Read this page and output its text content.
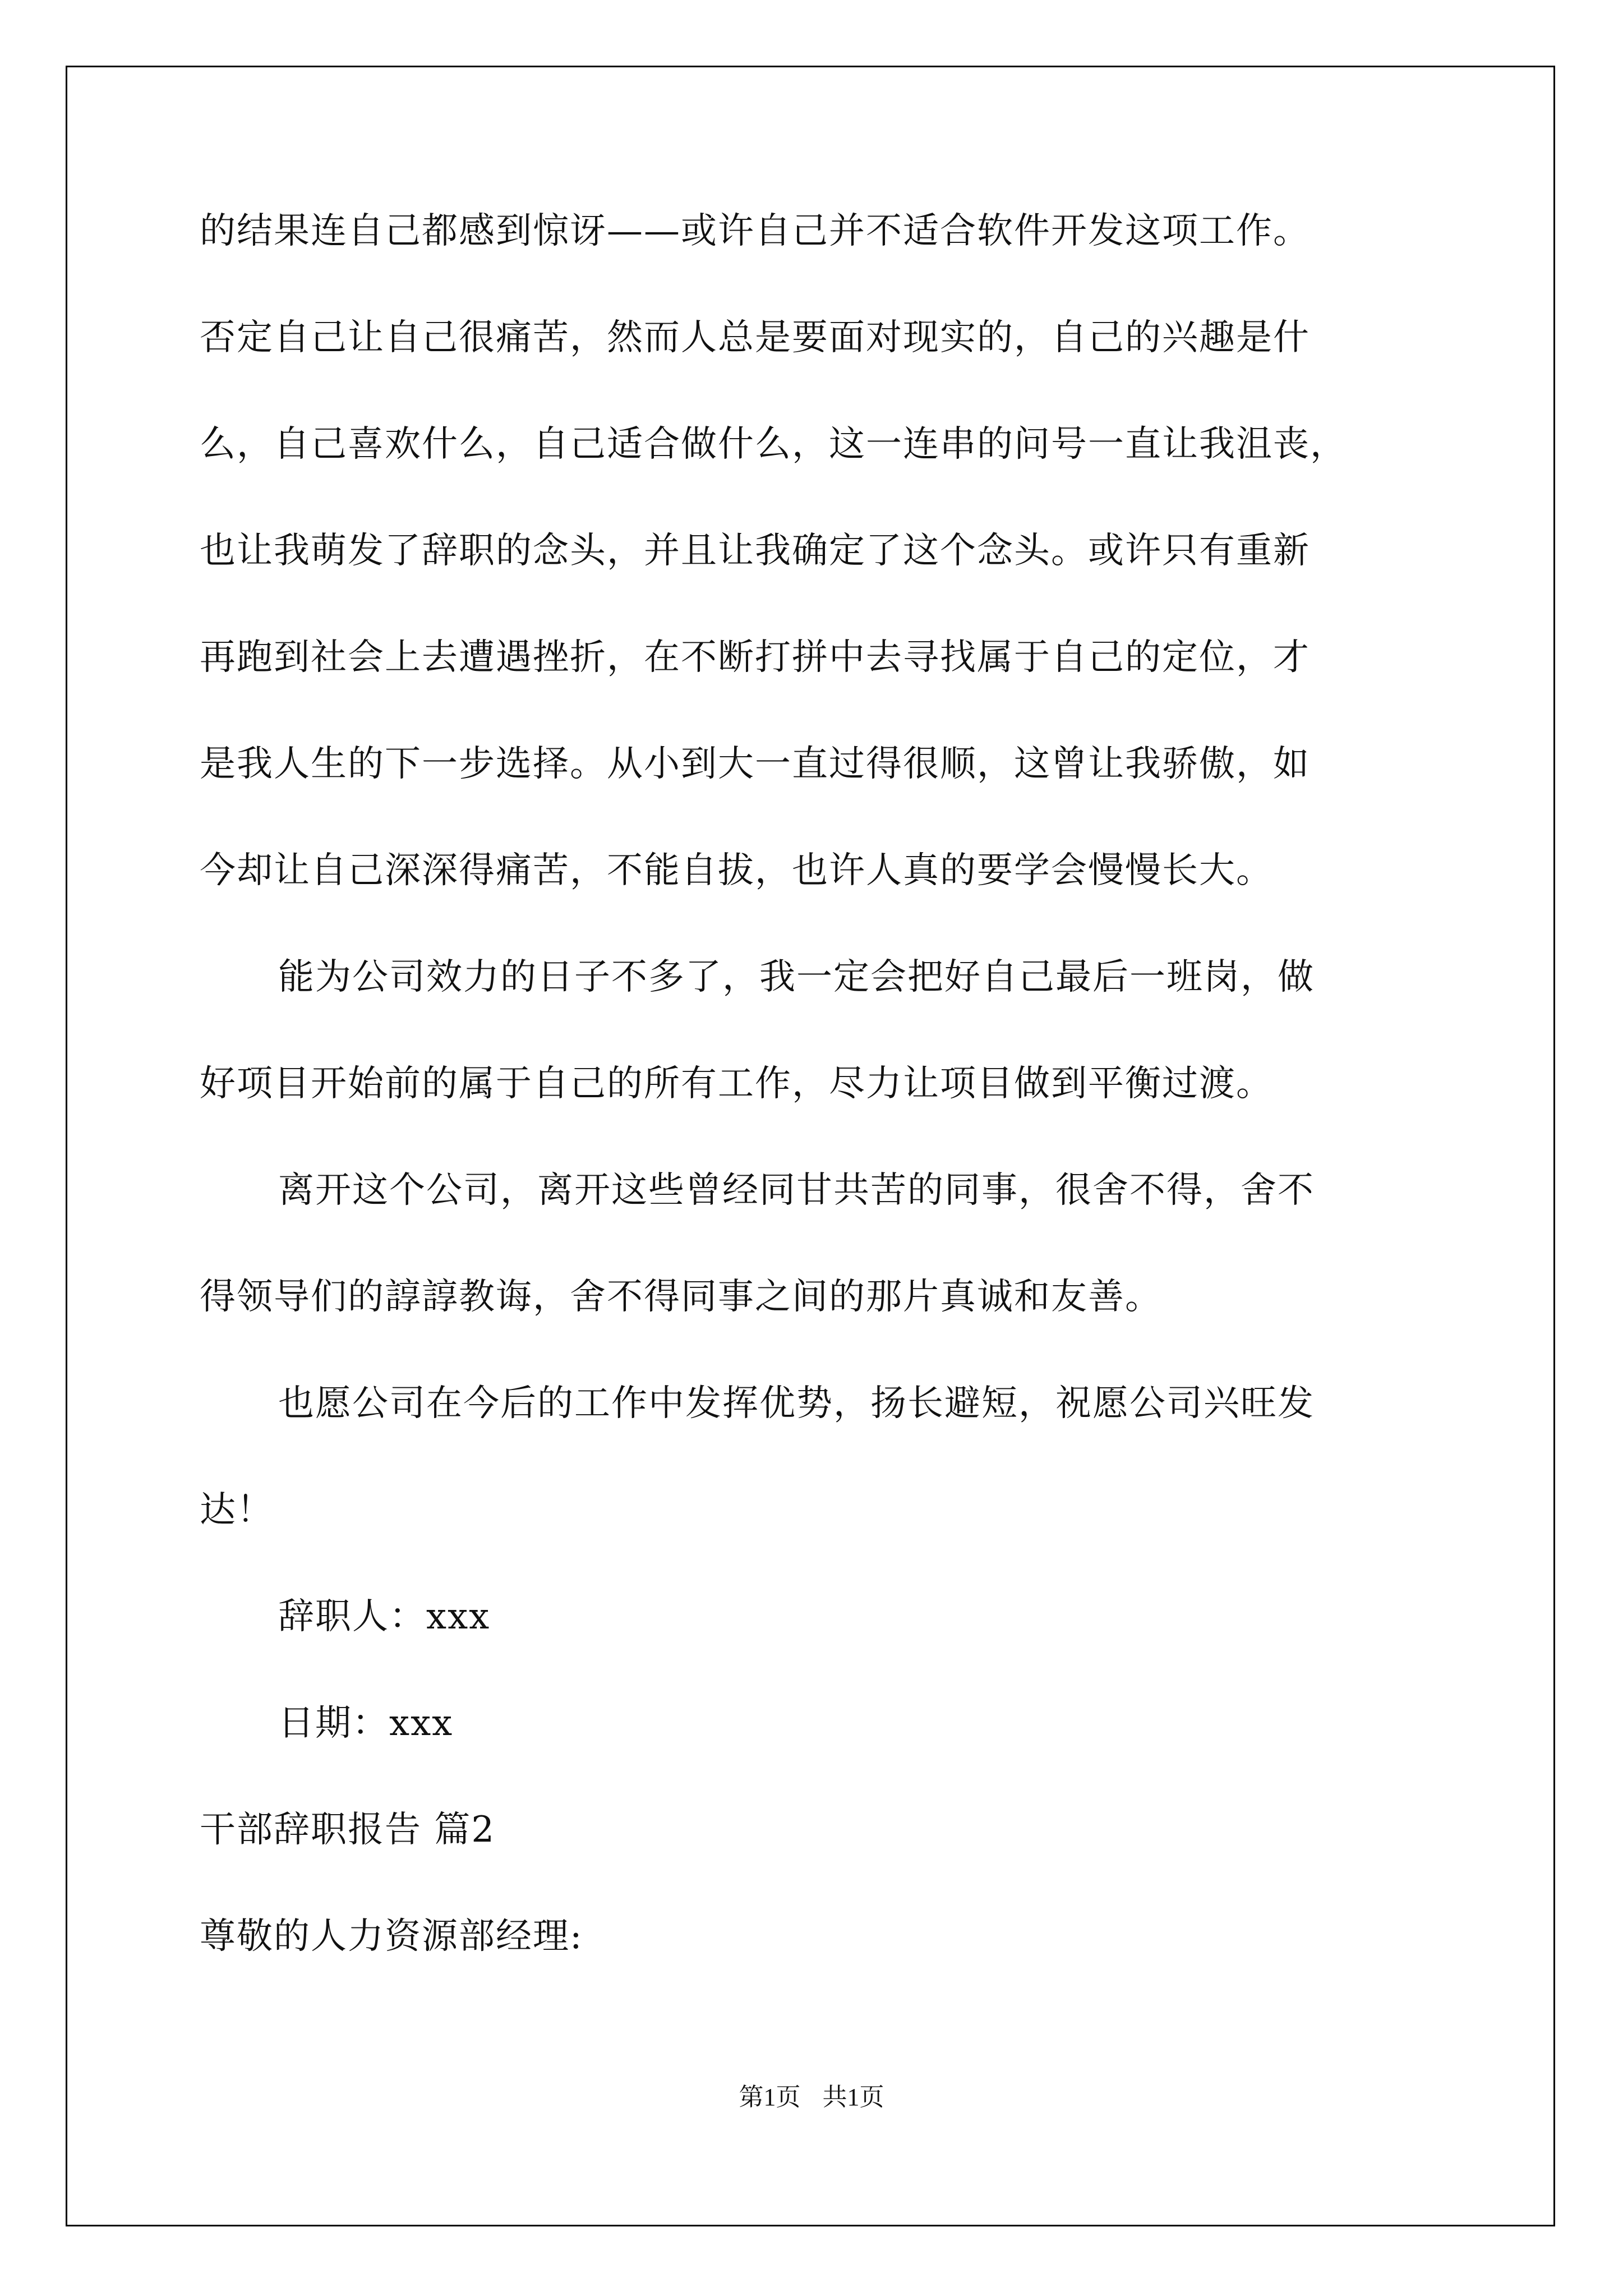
的结果连自己都感到惊讶——或许自己并不适合软件开发这项工作。
否定自己让自己很痛苦，然而人总是要面对现实的，自己的兴趣是什
么，自己喜欢什么，自己适合做什么，这一连串的问号一直让我沮丧，
也让我萌发了辞职的念头，并且让我确定了这个念头。或许只有重新
再跑到社会上去遭遇挫折，在不断打拼中去寻找属于自己的定位，才
是我人生的下一步选择。从小到大一直过得很顺，这曾让我骄傲，如
今却让自己深深得痛苦，不能自拔，也许人真的要学会慢慢长大。
能为公司效力的日子不多了，我一定会把好自己最后一班岗，做
好项目开始前的属于自己的所有工作，尽力让项目做到平衡过渡。
离开这个公司，离开这些曾经同甘共苦的同事，很舍不得，舍不
得领导们的諄諄教诲，舍不得同事之间的那片真诚和友善。
也愿公司在今后的工作中发挥优势，扬长避短，祝愿公司兴旺发
达！
辞职人：xxx
日期：xxx
干部辞职报告 篇2
尊敬的人力资源部经理:
第1页 共1页
